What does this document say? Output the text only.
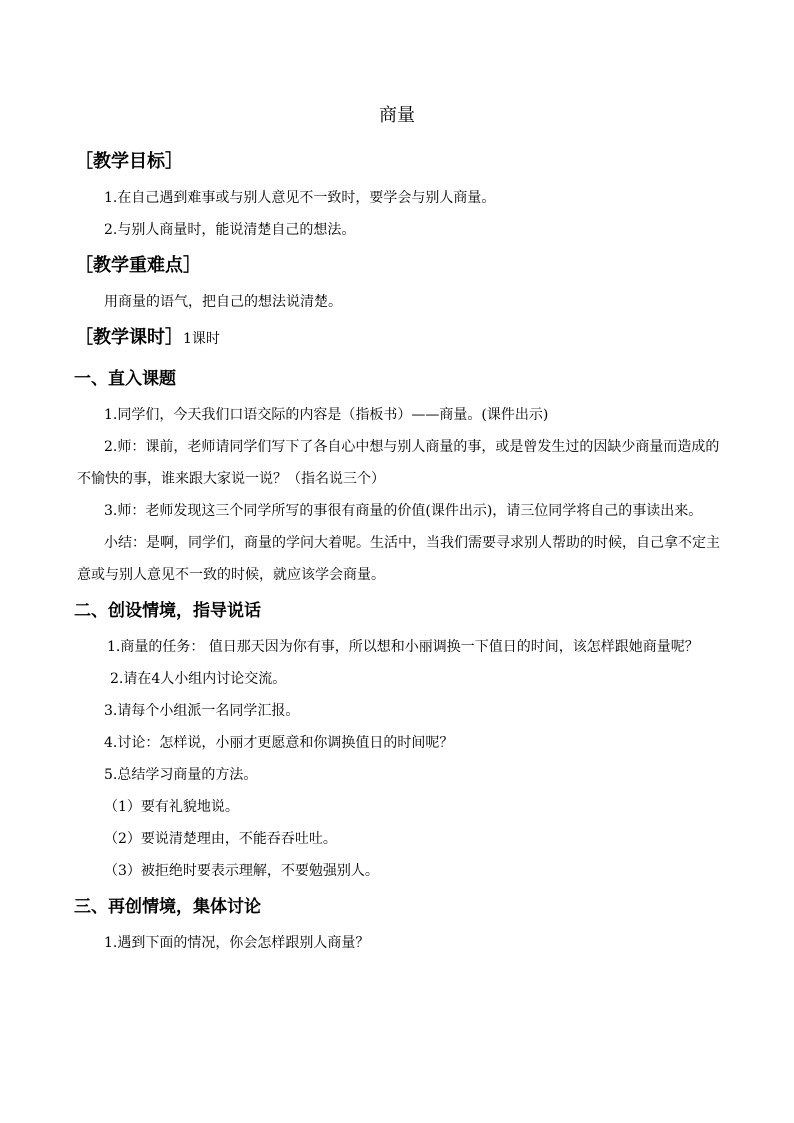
商量
［教学目标］

1.在自己遇到难事或与别人意见不一致时，要学会与别人商量。

2.与别人商量时，能说清楚自己的想法。

［教学重难点］

用商量的语气，把自己的想法说清楚。

［教学课时］1课时
一、直入课题

1.同学们，今天我们口语交际的内容是（指板书）——商量。(课件出示)

2.师：课前，老师请同学们写下了各自心中想与别人商量的事，或是曾发生过的因缺少商量而造成的不愉快的事，谁来跟大家说一说？（指名说三个）

3.师：老师发现这三个同学所写的事很有商量的价值(课件出示)，请三位同学将自己的事读出来。

小结：是啊，同学们，商量的学问大着呢。生活中，当我们需要寻求别人帮助的时候，自己拿不定主意或与别人意见不一致的时候，就应该学会商量。

二、创设情境，指导说话

1.商量的任务： 值日那天因为你有事，所以想和小丽调换一下值日的时间，该怎样跟她商量呢？

2.请在4人小组内讨论交流。

3.请每个小组派一名同学汇报。

4.讨论：怎样说，小丽才更愿意和你调换值日的时间呢？

5.总结学习商量的方法。

（1）要有礼貌地说。

（2）要说清楚理由，不能吞吞吐吐。

（3）被拒绝时要表示理解，不要勉强别人。

三、再创情境，集体讨论

1.遇到下面的情况，你会怎样跟别人商量？
